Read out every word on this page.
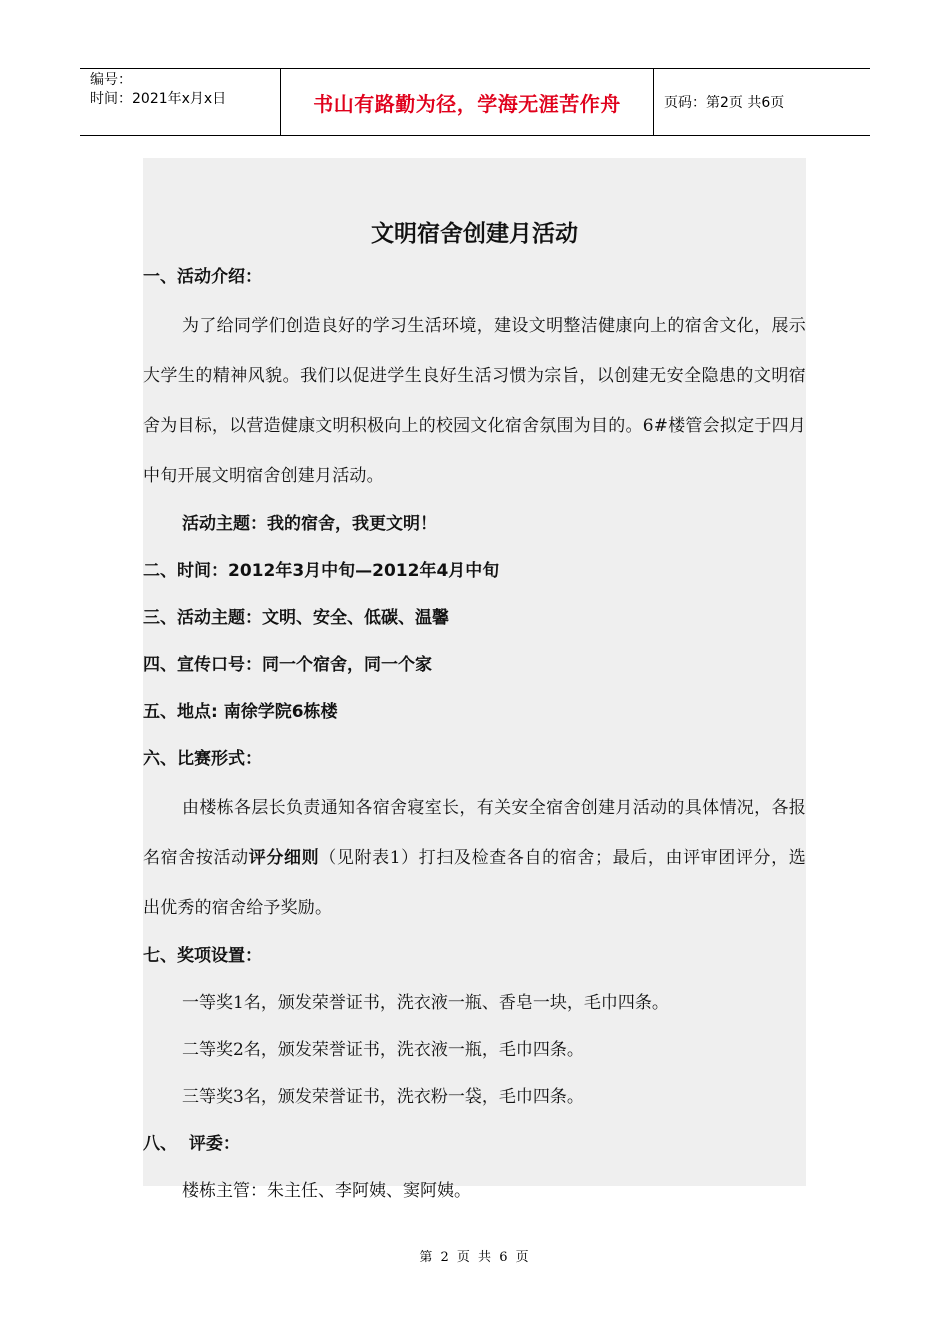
编号：
时间：2021年x月x日	书山有路勤为径，学海无涯苦作舟	页码：第2页 共6页
文明宿舍创建月活动
一、活动介绍：

为了给同学们创造良好的学习生活环境，建设文明整洁健康向上的宿舍文化，展示大学生的精神风貌。我们以促进学生良好生活习惯为宗旨，以创建无安全隐患的文明宿舍为目标，以营造健康文明积极向上的校园文化宿舍氛围为目的。6#楼管会拟定于四月中旬开展文明宿舍创建月活动。

活动主题：我的宿舍，我更文明！
二、时间：2012年3月中旬—2012年4月中旬
三、活动主题：文明、安全、低碳、温馨
四、宣传口号：同一个宿舍，同一个家
五、地点: 南徐学院6栋楼
六、比赛形式：

由楼栋各层长负责通知各宿舍寝室长，有关安全宿舍创建月活动的具体情况，各报名宿舍按活动评分细则（见附表1）打扫及检查各自的宿舍；最后，由评审团评分，选出优秀的宿舍给予奖励。

七、奖项设置：
一等奖1名，颁发荣誉证书，洗衣液一瓶、香皂一块，毛巾四条。
二等奖2名，颁发荣誉证书，洗衣液一瓶，毛巾四条。
三等奖3名，颁发荣誉证书，洗衣粉一袋，毛巾四条。
八、  评委：
楼栋主管：朱主任、李阿姨、窦阿姨。
第 2 页 共 6 页
